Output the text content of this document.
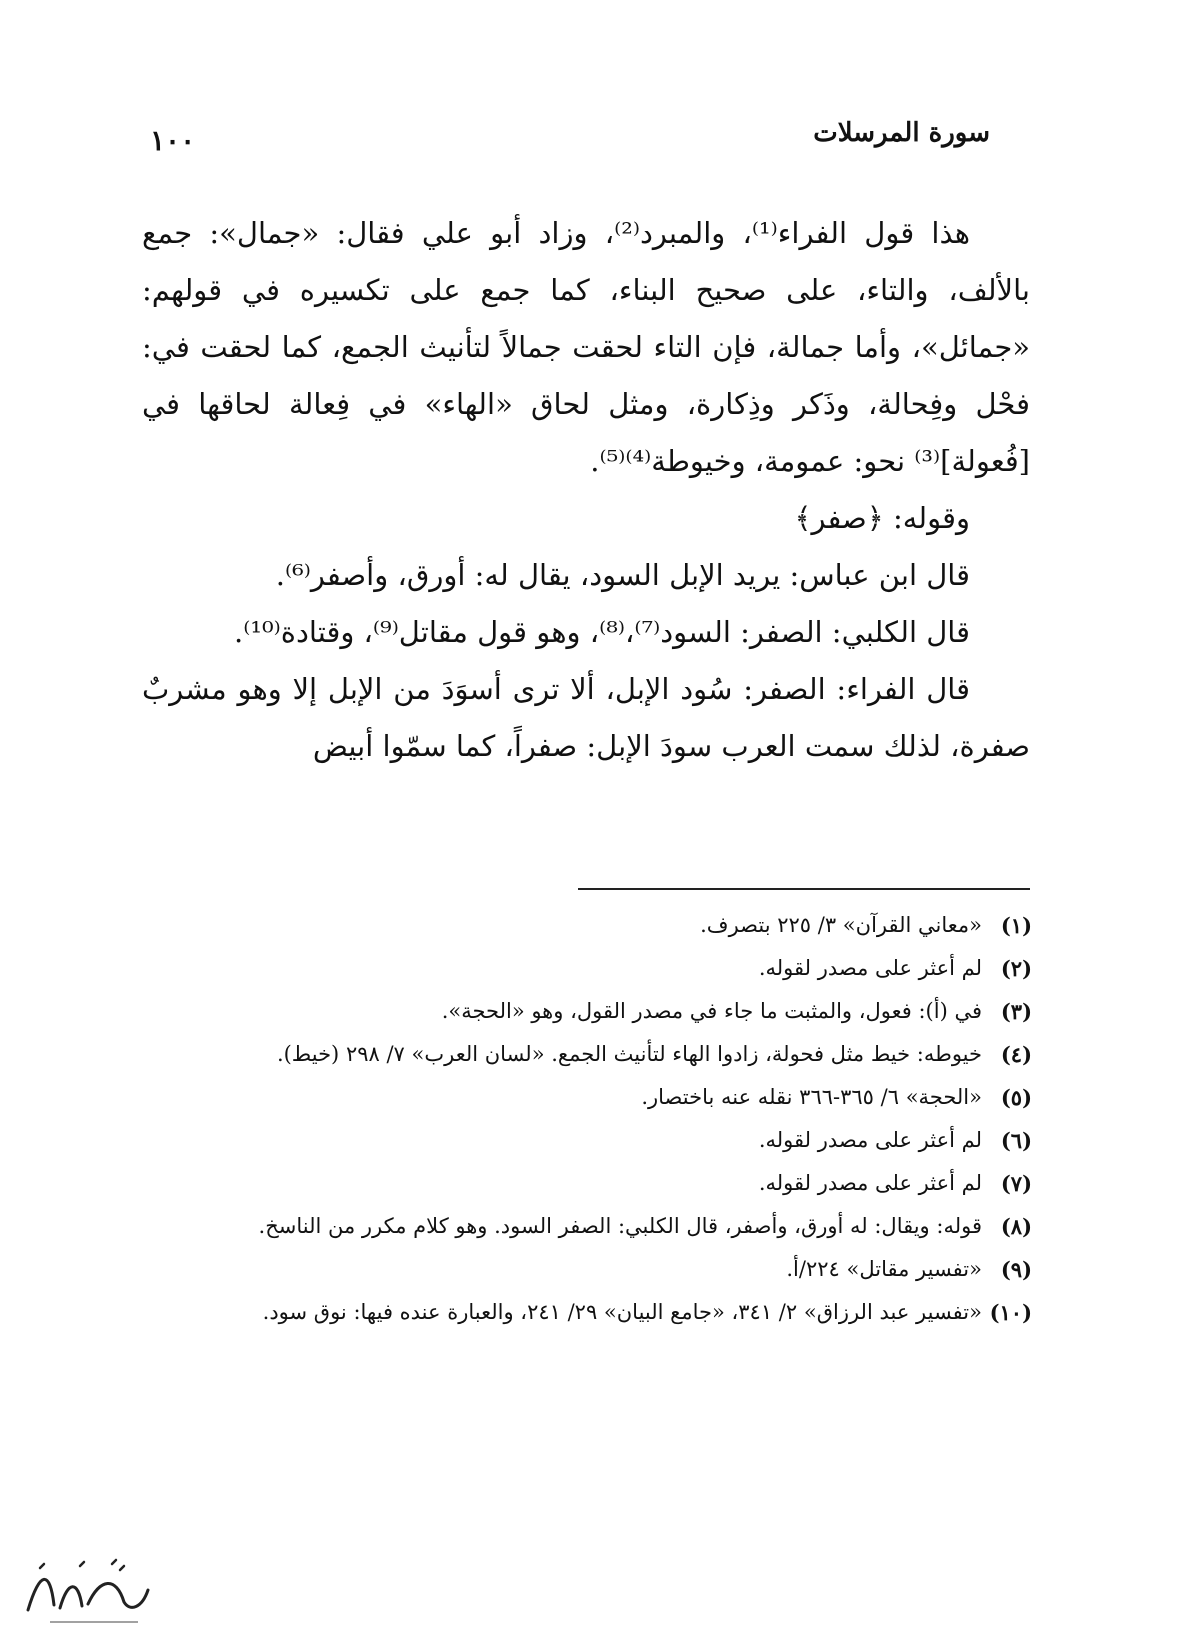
سورة المرسلات
١٠٠

هذا قول الفراء⁽¹⁾، والمبرد⁽²⁾، وزاد أبو علي فقال: «جمال»: جمع بالألف، والتاء، على صحيح البناء، كما جمع على تكسيره في قولهم: «جمائل»، وأما جمالة، فإن التاء لحقت جمالاً لتأنيث الجمع، كما لحقت في: فحْل وفِحالة، وذَكر وذِكارة، ومثل لحاق «الهاء» في فِعالة لحاقها في [فُعولة]⁽³⁾ نحو: عمومة، وخيوطة⁽⁴⁾⁽⁵⁾.

وقوله: ﴿صفر﴾

قال ابن عباس: يريد الإبل السود، يقال له: أورق، وأصفر⁽⁶⁾.

قال الكلبي: الصفر: السود⁽⁷⁾،⁽⁸⁾، وهو قول مقاتل⁽⁹⁾، وقتادة⁽¹⁰⁾.

قال الفراء: الصفر: سُود الإبل، ألا ترى أسوَدَ من الإبل إلا وهو مشربٌ صفرة، لذلك سمت العرب سودَ الإبل: صفراً، كما سمّوا أبيض

(١)
«معاني القرآن» ٣/ ٢٢٥ بتصرف.
(٢)
لم أعثر على مصدر لقوله.
(٣)
في (أ): فعول، والمثبت ما جاء في مصدر القول، وهو «الحجة».
(٤)
خيوطه: خيط مثل فحولة، زادوا الهاء لتأنيث الجمع. «لسان العرب» ٧/ ٢٩٨ (خيط).
(٥)
«الحجة» ٦/ ٣٦٥-٣٦٦ نقله عنه باختصار.
(٦)
لم أعثر على مصدر لقوله.
(٧)
لم أعثر على مصدر لقوله.
(٨)
قوله: ويقال: له أورق، وأصفر، قال الكلبي: الصفر السود. وهو كلام مكرر من الناسخ.
(٩)
«تفسير مقاتل» ٢٢٤/أ.
(١٠)
«تفسير عبد الرزاق» ٢/ ٣٤١، «جامع البيان» ٢٩/ ٢٤١، والعبارة عنده فيها: نوق سود.
